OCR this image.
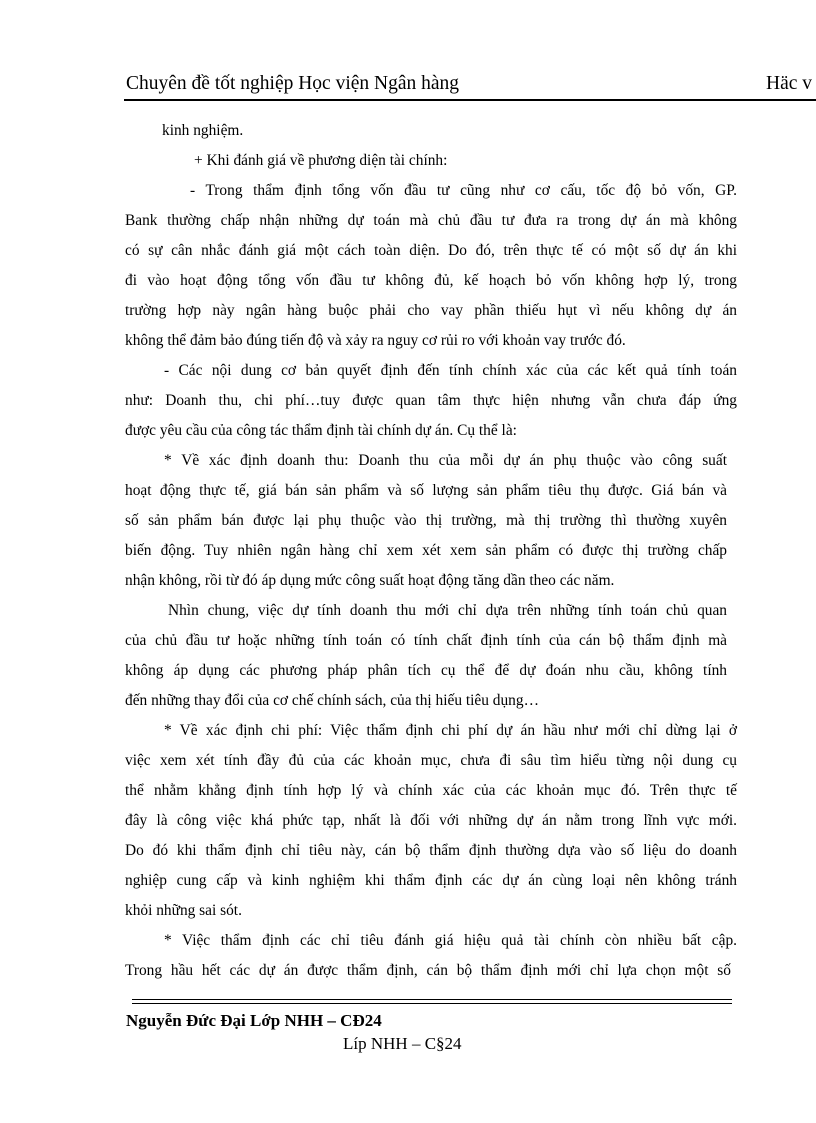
Chuyên đề tốt nghiệp Học viện Ngân hàng	Häc v
kinh nghiệm.
+ Khi đánh giá về phương diện tài chính:
- Trong thẩm định tổng vốn đầu tư cũng như cơ cấu, tốc độ bỏ vốn, GP.
Bank thường chấp nhận những dự toán mà chủ đầu tư đưa ra trong dự án mà không
có sự cân nhắc đánh giá một cách toàn diện. Do đó, trên thực tế có một số dự án khi
đi vào hoạt động tổng vốn đầu tư không đủ, kế hoạch bỏ vốn không hợp lý, trong
trường hợp này ngân hàng buộc phải cho vay phần thiếu hụt vì nếu không dự án
không thể đảm bảo đúng tiến độ và xảy ra nguy cơ rủi ro với khoản vay trước đó.
- Các nội dung cơ bản quyết định đến tính chính xác của các kết quả tính toán
như: Doanh thu, chi phí…tuy được quan tâm thực hiện nhưng vẫn chưa đáp ứng
được yêu cầu của công tác thẩm định tài chính dự án. Cụ thể là:
* Về xác định doanh thu: Doanh thu của mỗi dự án phụ thuộc vào công suất
hoạt động thực tế, giá bán sản phẩm và số lượng sản phẩm tiêu thụ được. Giá bán và
số sản phẩm bán được lại phụ thuộc vào thị trường, mà thị trường thì thường xuyên
biến động. Tuy nhiên ngân hàng chỉ xem xét xem sản phẩm có được thị trường chấp
nhận không, rồi từ đó áp dụng mức công suất hoạt động tăng dần theo các năm.
Nhìn chung, việc dự tính doanh thu mới chỉ dựa trên những tính toán chủ quan
của chủ đầu tư hoặc những tính toán có tính chất định tính của cán bộ thẩm định mà
không áp dụng các phương pháp phân tích cụ thể để dự đoán nhu cầu, không tính
đến những thay đổi của cơ chế chính sách, của thị hiếu tiêu dụng…
* Về xác định chi phí: Việc thẩm định chi phí dự án hầu như mới chỉ dừng lại ở
việc xem xét tính đầy đủ của các khoản mục, chưa đi sâu tìm hiểu từng nội dung cụ
thể nhằm khẳng định tính hợp lý và chính xác của các khoản mục đó. Trên thực tế
đây là công việc khá phức tạp, nhất là đối với những dự án nằm trong lĩnh vực mới.
Do đó khi thẩm định chỉ tiêu này, cán bộ thẩm định thường dựa vào số liệu do doanh
nghiệp cung cấp và kinh nghiệm khi thẩm định các dự án cùng loại nên không tránh
khỏi những sai sót.
* Việc thẩm định các chỉ tiêu đánh giá hiệu quả tài chính còn nhiều bất cập.
Trong hầu hết các dự án được thẩm định, cán bộ thẩm định mới chỉ lựa chọn một số
Nguyễn Đức Đại Lớp NHH – CĐ24
Líp NHH – C§24
